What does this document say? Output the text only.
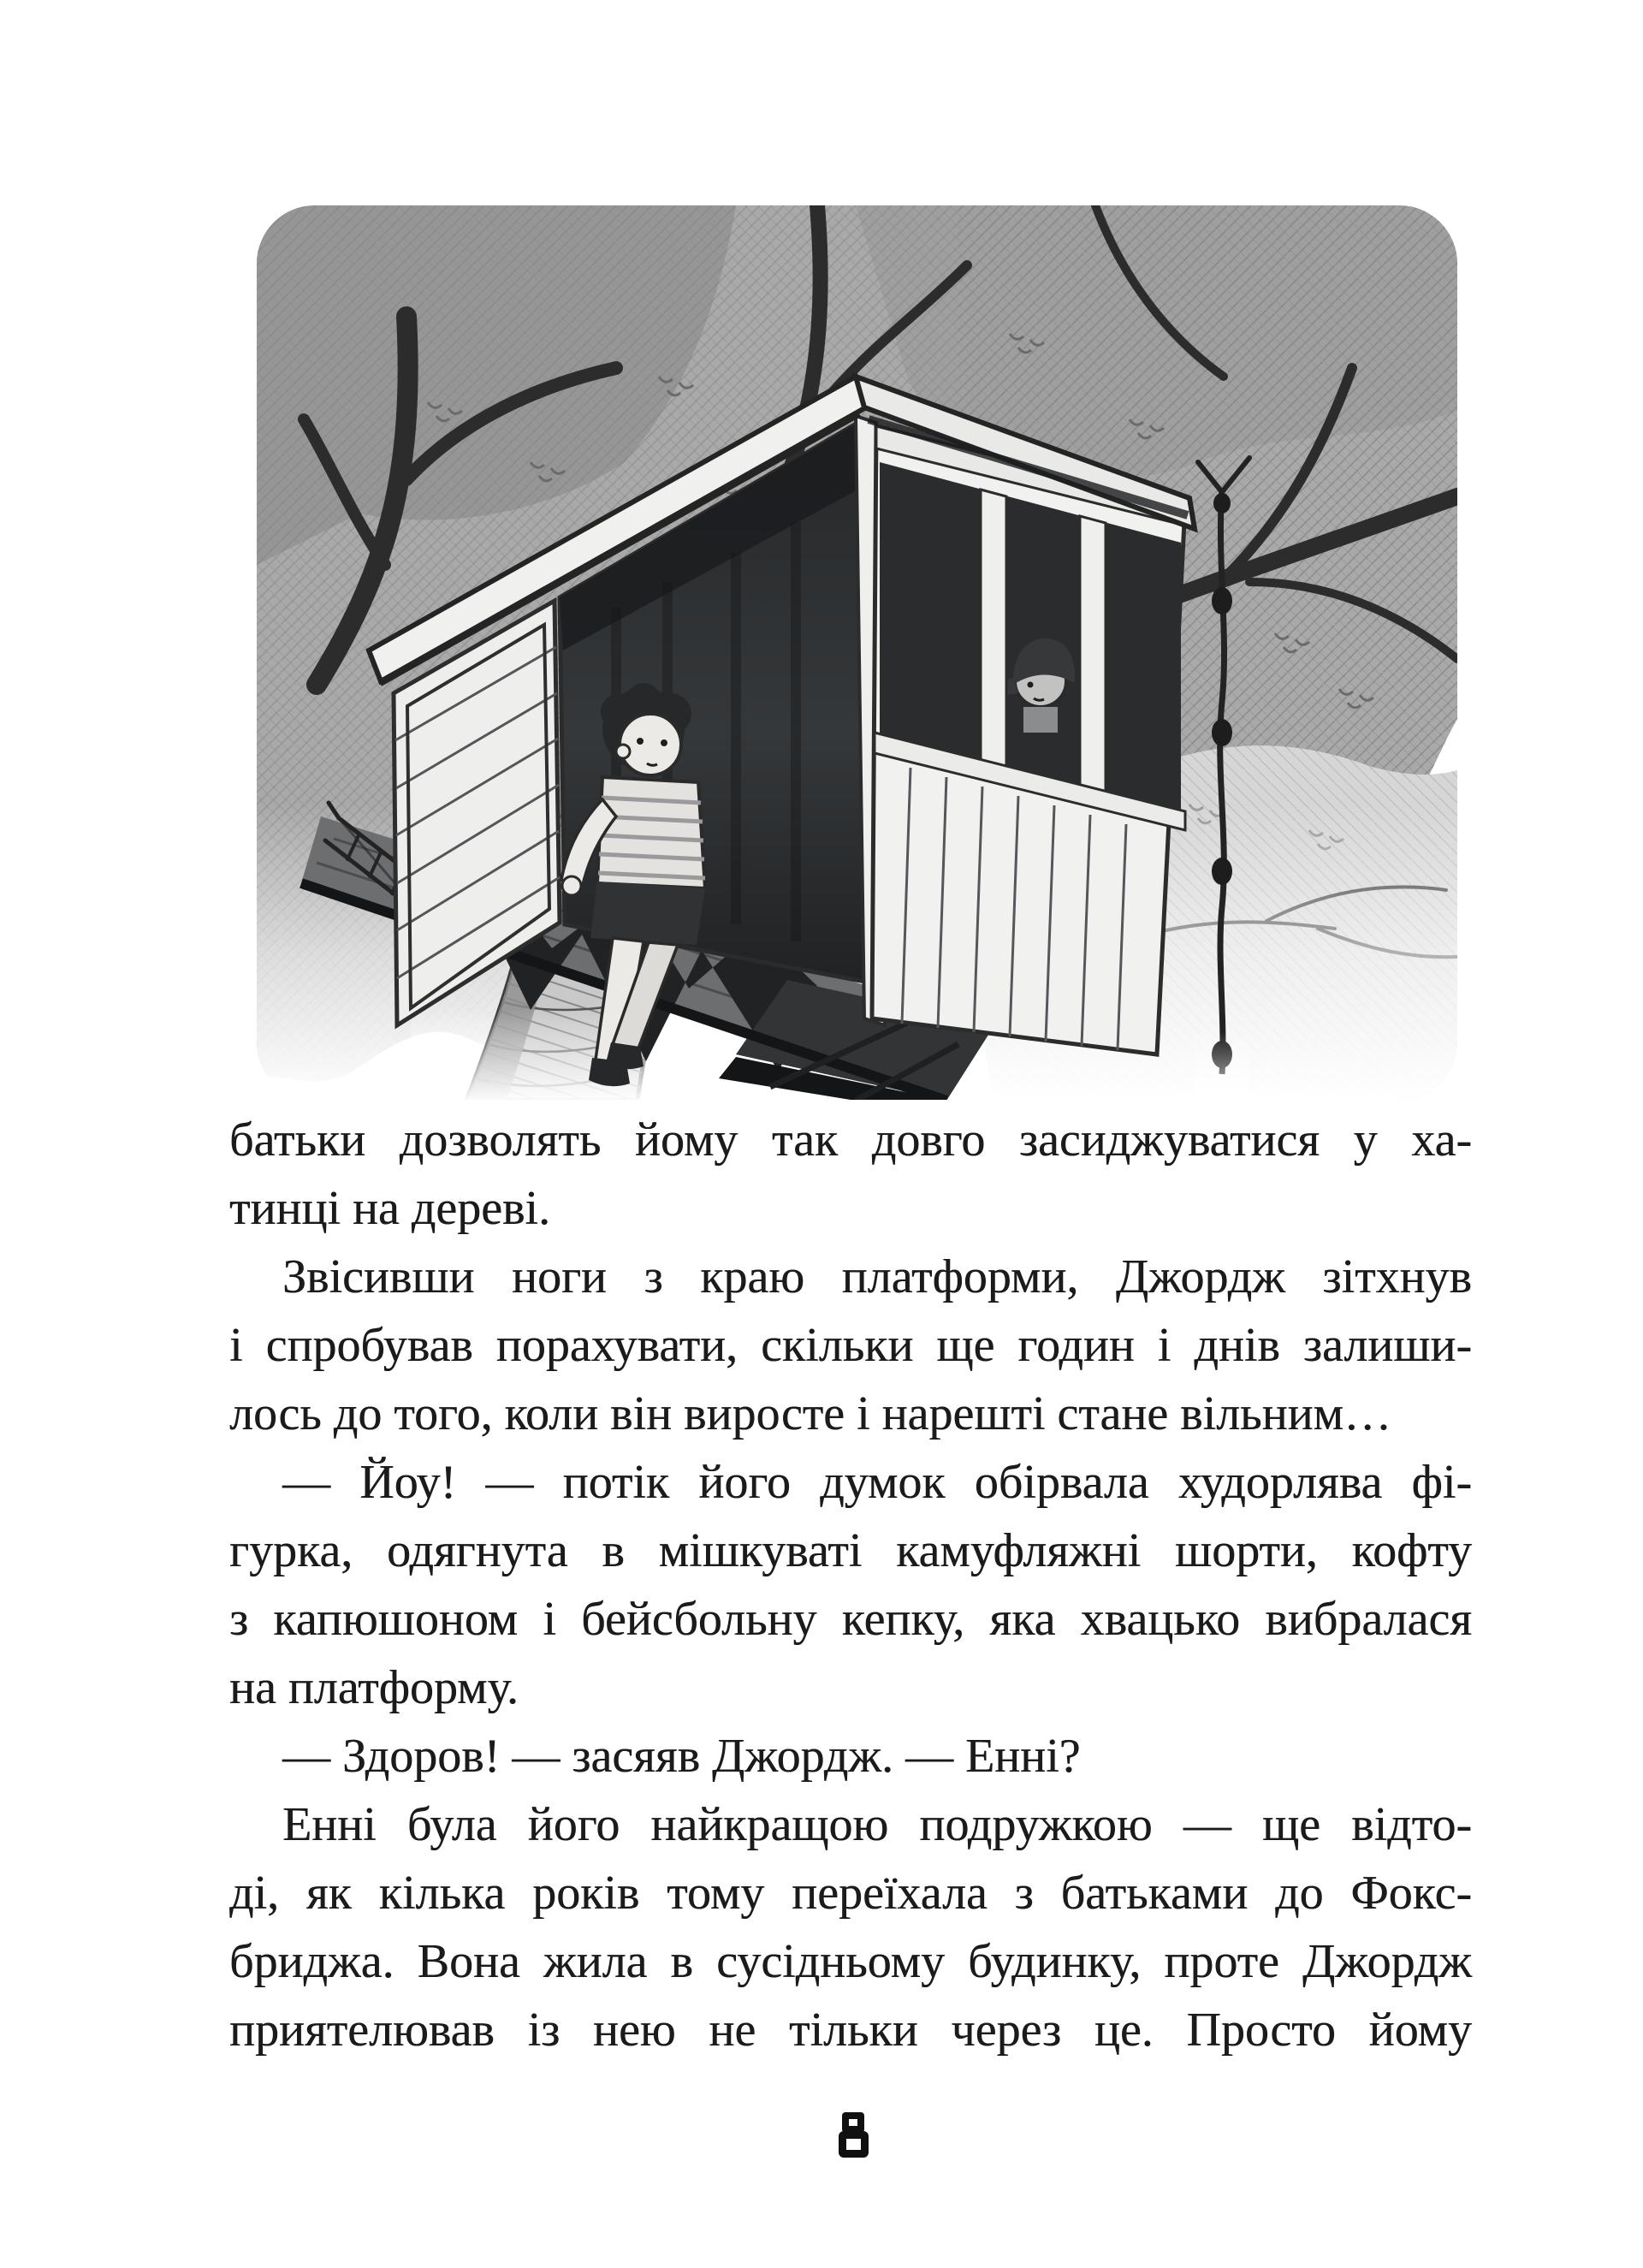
батьки дозволять йому так довго засиджуватися у ха-
тинці на дереві.
Звісивши ноги з краю платформи, Джордж зітхнув
і спробував порахувати, скільки ще годин і днів залиши-
лось до того, коли він виросте і нарешті стане вільним…
— Йоу! — потік його думок обірвала худорлява фі-
гурка, одягнута в мішкуваті камуфляжні шорти, кофту
з капюшоном і бейсбольну кепку, яка хвацько вибралася
на платформу.
— Здоров! — засяяв Джордж. — Енні?
Енні була його найкращою подружкою — ще відто-
ді, як кілька років тому переїхала з батьками до Фокс-
бриджа. Вона жила в сусідньому будинку, проте Джордж
приятелював із нею не тільки через це. Просто йому
